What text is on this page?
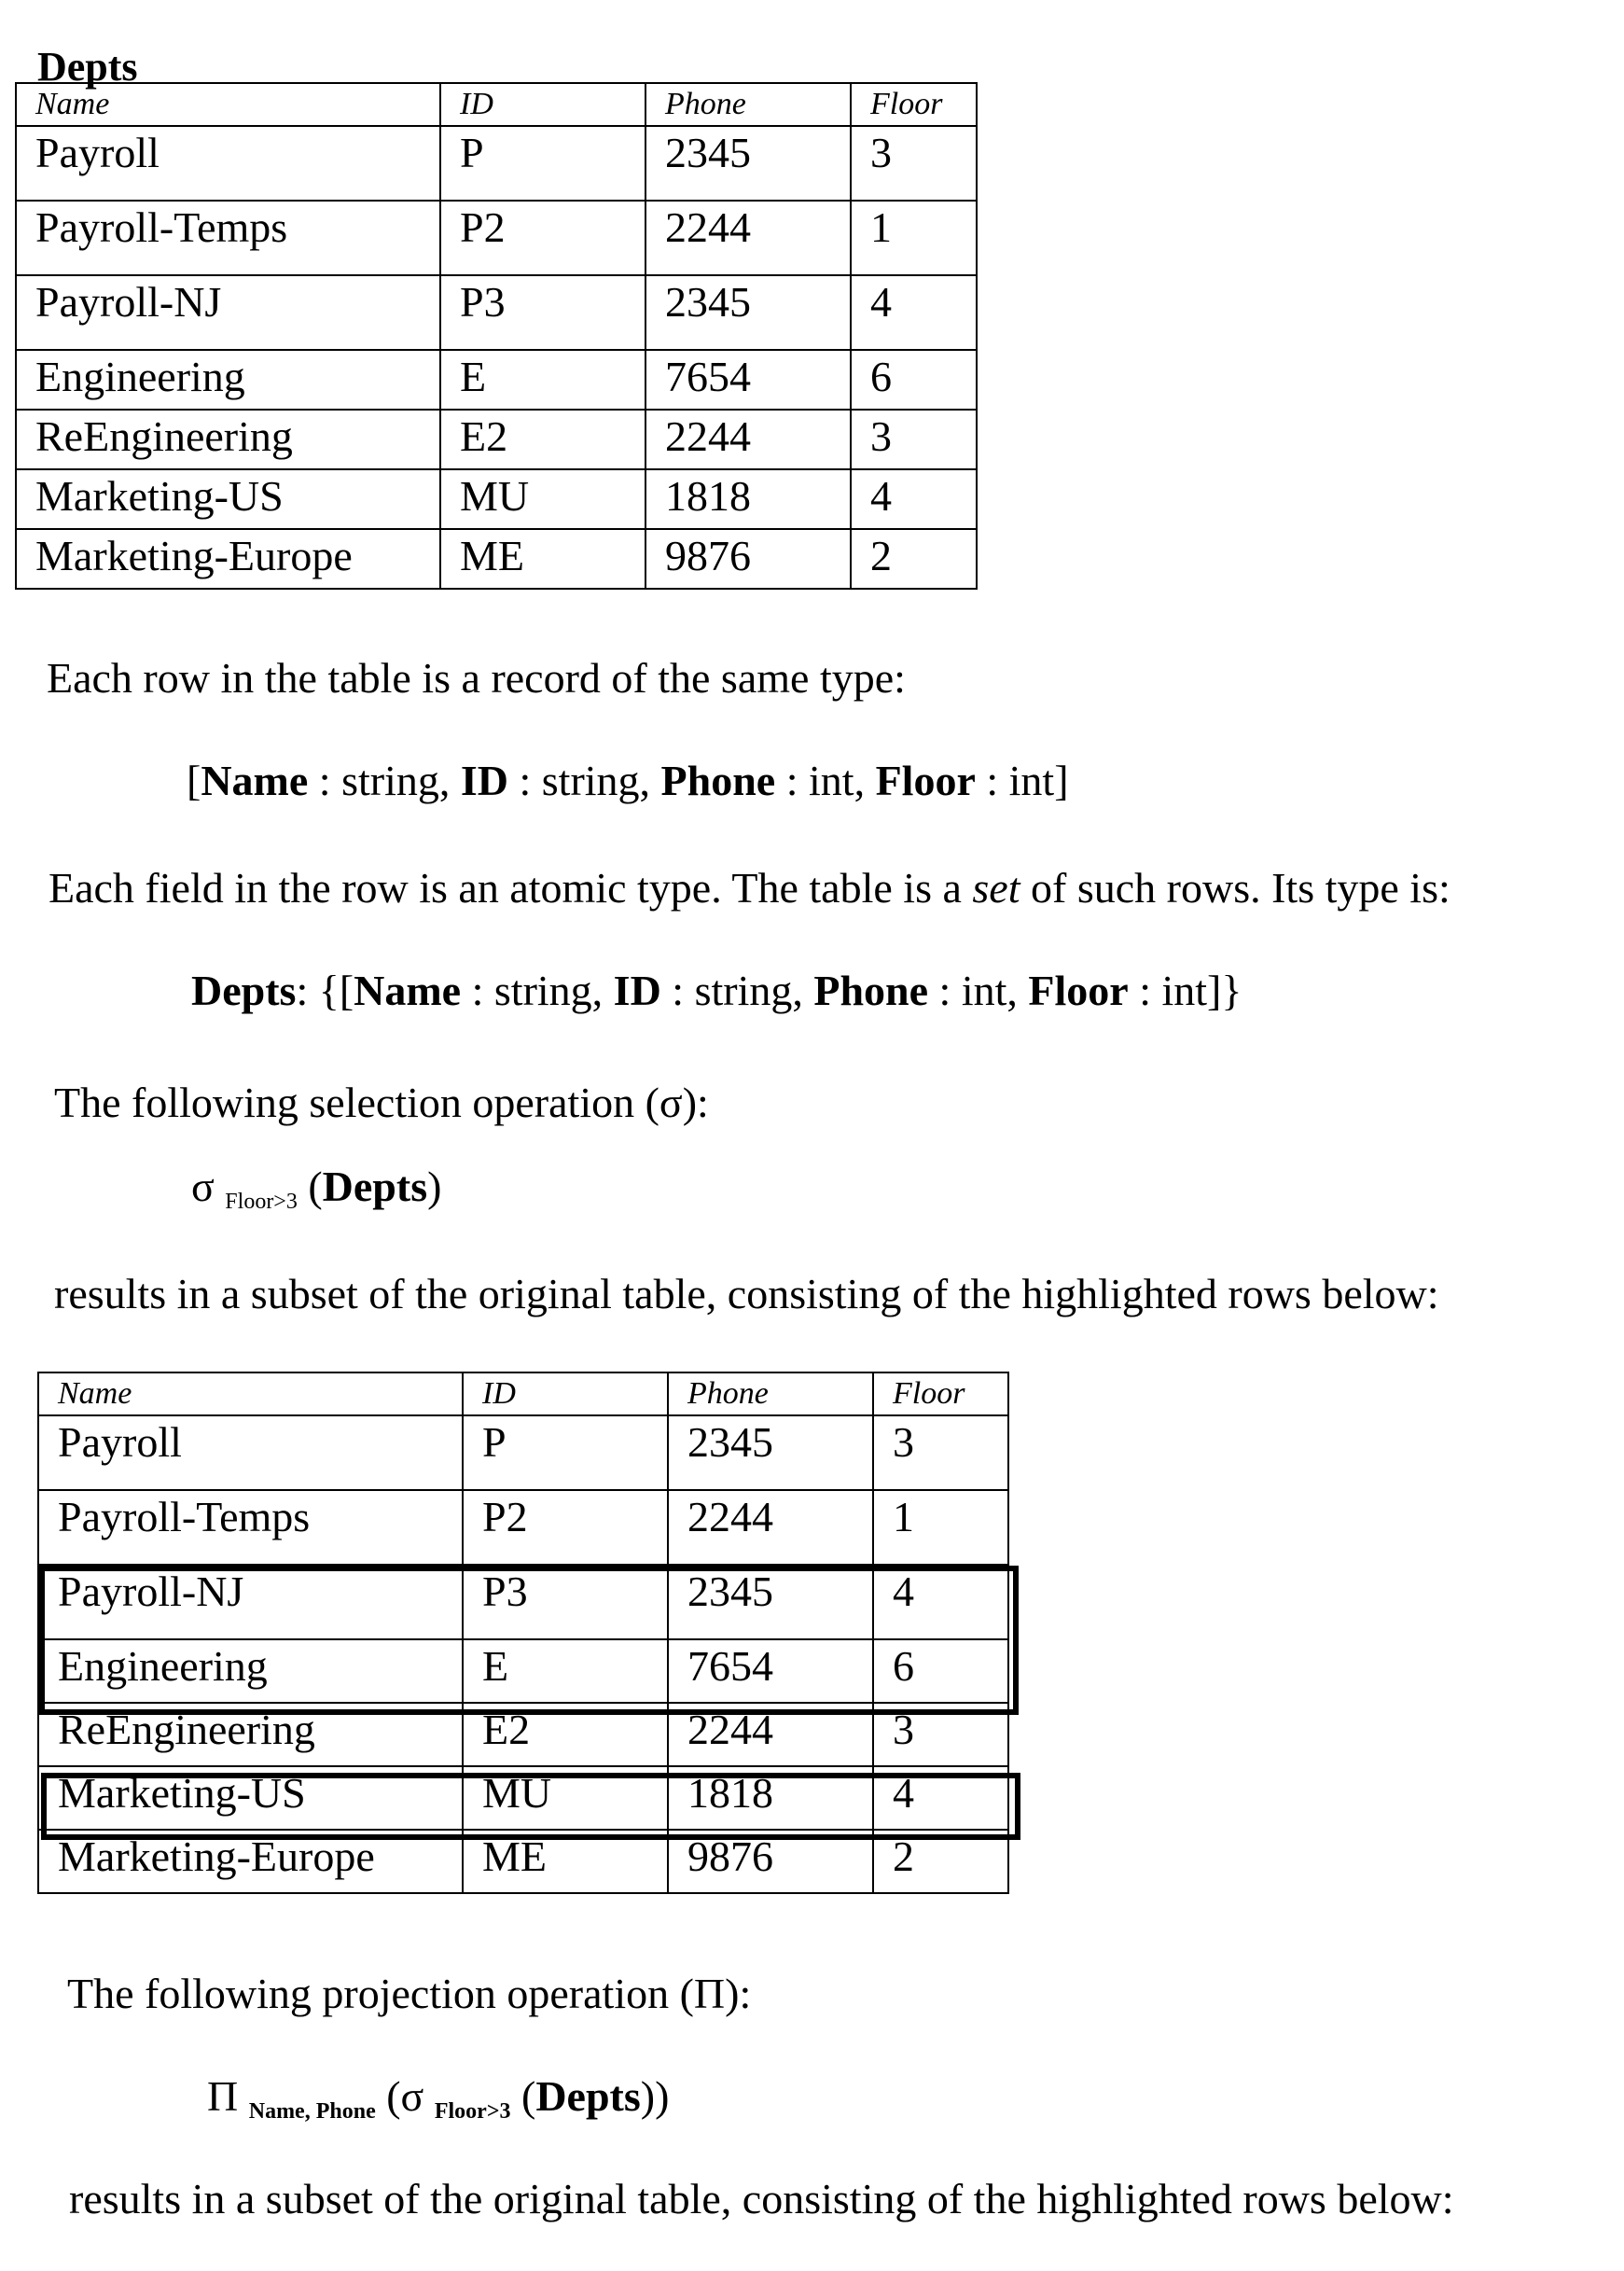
Depts
Name	ID	Phone	Floor
Payroll	P	2345	3
Payroll-Temps	P2	2244	1
Payroll-NJ	P3	2345	4
Engineering	E	7654	6
ReEngineering	E2	2244	3
Marketing-US	MU	1818	4
Marketing-Europe	ME	9876	2
Each row in the table is a record of the same type:
[Name : string, ID : string, Phone : int, Floor : int]
Each field in the row is an atomic type. The table is a set of such rows. Its type is:
Depts: {[Name : string, ID : string, Phone : int, Floor : int]}
The following selection operation (σ):
σ Floor>3 (Depts)
results in a subset of the original table, consisting of the highlighted rows below:
Name	ID	Phone	Floor
Payroll	P	2345	3
Payroll-Temps	P2	2244	1
Payroll-NJ	P3	2345	4
Engineering	E	7654	6
ReEngineering	E2	2244	3
Marketing-US	MU	1818	4
Marketing-Europe	ME	9876	2
The following projection operation (Π):
Π $_{Name, Phone}$ (σ $_{Floor>3}$ (Depts))
results in a subset of the original table, consisting of the highlighted rows below:
